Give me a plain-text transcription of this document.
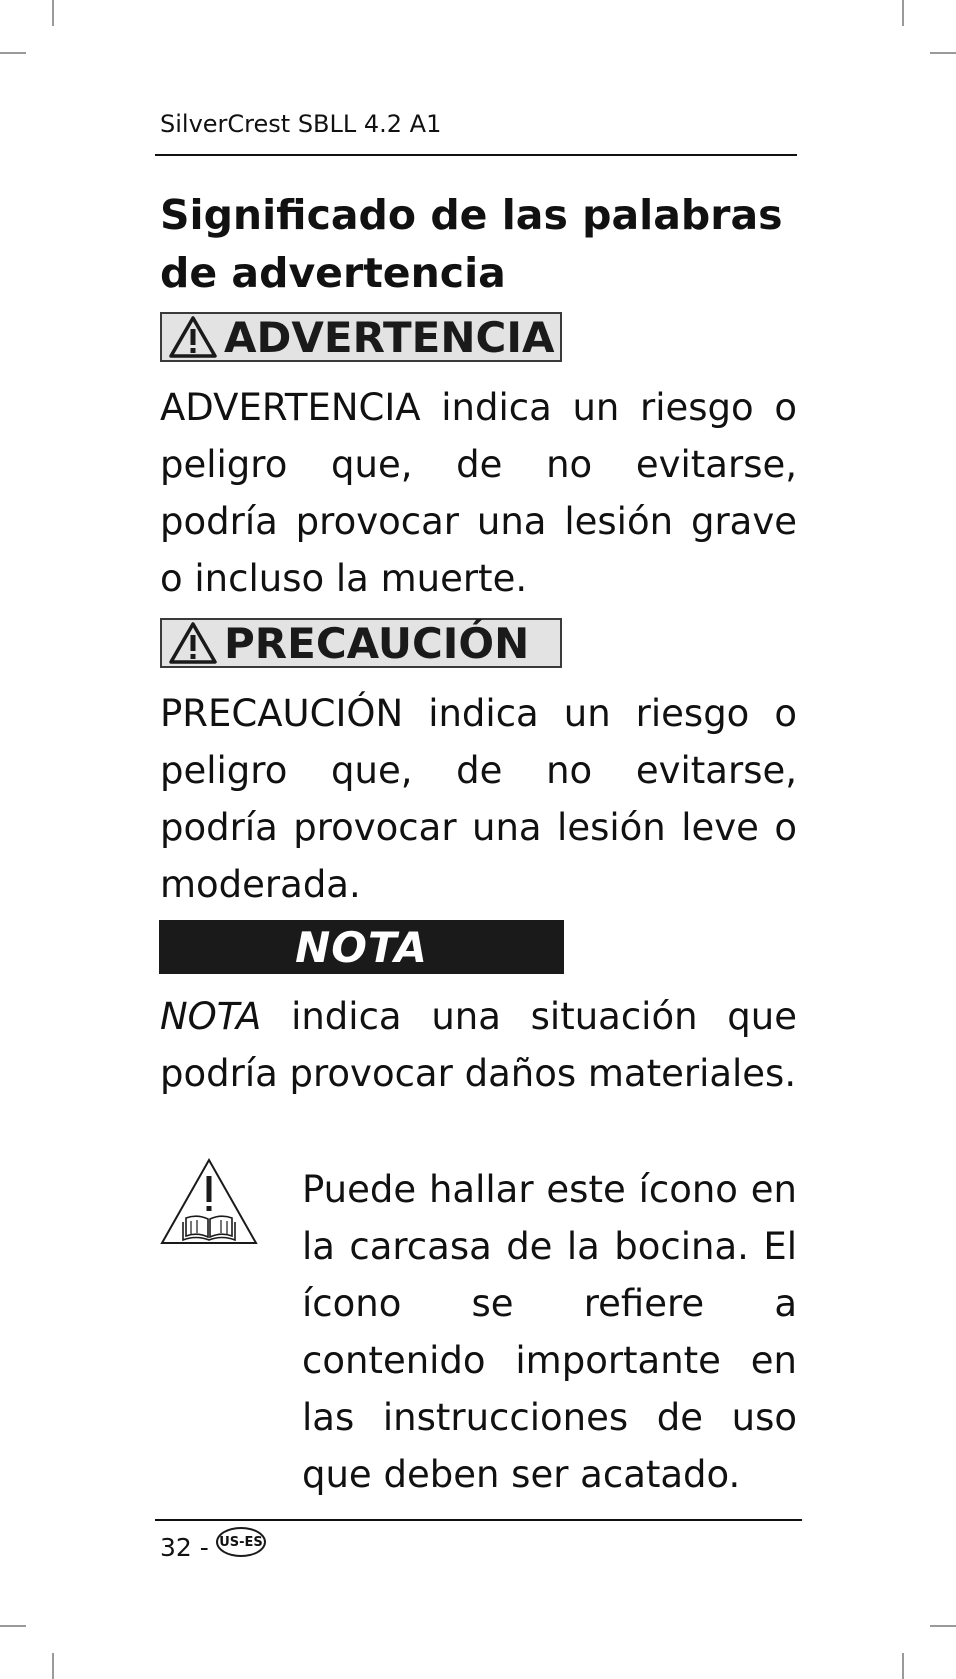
SilverCrest SBLL 4.2 A1
Significado de las palabras de advertencia
ADVERTENCIA

ADVERTENCIA indica un riesgo o peligro que, de no evitarse, podría provocar una lesión grave o incluso la muerte.

PRECAUCIÓN

PRECAUCIÓN indica un riesgo o peligro que, de no evitarse, podría provocar una lesión leve o moderada.

NOTA

NOTA indica una situación que podría provocar daños materiales.

Puede hallar este ícono en la carcasa de la bocina. El ícono se refiere a contenido importante en las instrucciones de uso que deben ser acatado.

32 - US-ES
